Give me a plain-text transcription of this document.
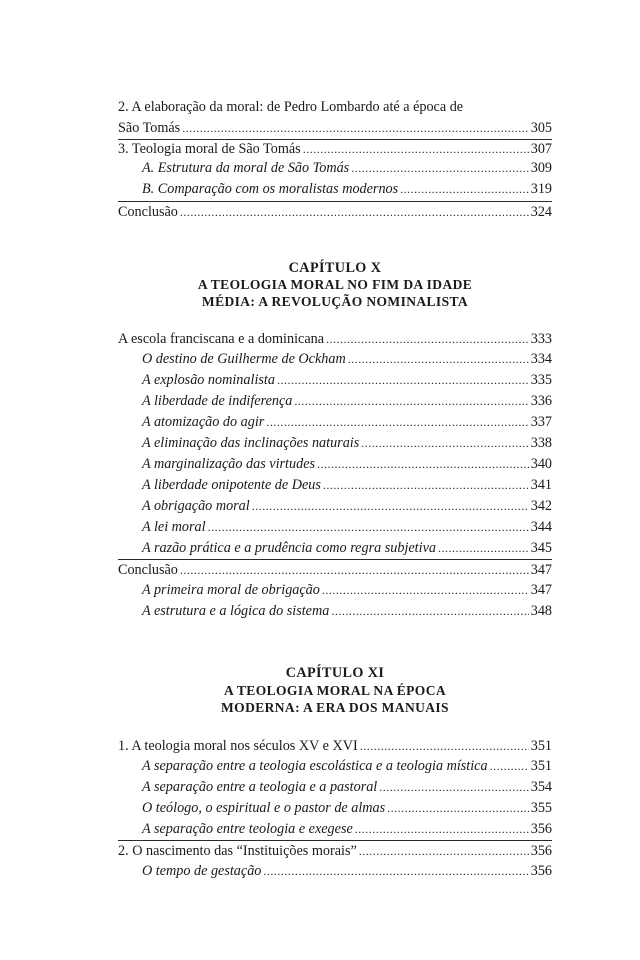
2. A elaboração da moral: de Pedro Lombardo até a época de
São Tomás .....	305
3. Teologia moral de São Tomás .....	307
A. Estrutura da moral de São Tomás .....	309
B. Comparação com os moralistas modernos .....	319
Conclusão .....	324
CAPÍTULO X
A TEOLOGIA MORAL NO FIM DA IDADE
MÉDIA: A REVOLUÇÃO NOMINALISTA
A escola franciscana e a dominicana .....	333
O destino de Guilherme de Ockham .....	334
A explosão nominalista .....	335
A liberdade de indiferença .....	336
A atomização do agir .....	337
A eliminação das inclinações naturais .....	338
A marginalização das virtudes .....	340
A liberdade onipotente de Deus .....	341
A obrigação moral .....	342
A lei moral .....	344
A razão prática e a prudência como regra subjetiva .....	345
Conclusão .....	347
A primeira moral de obrigação .....	347
A estrutura e a lógica do sistema .....	348
CAPÍTULO XI
A TEOLOGIA MORAL NA ÉPOCA
MODERNA: A ERA DOS MANUAIS
1. A teologia moral nos séculos XV e XVI .....	351
A separação entre a teologia escolástica e a teologia mística .....	351
A separação entre a teologia e a pastoral .....	354
O teólogo, o espiritual e o pastor de almas .....	355
A separação entre teologia e exegese .....	356
2. O nascimento das “Instituições morais” .....	356
O tempo de gestação .....	356
